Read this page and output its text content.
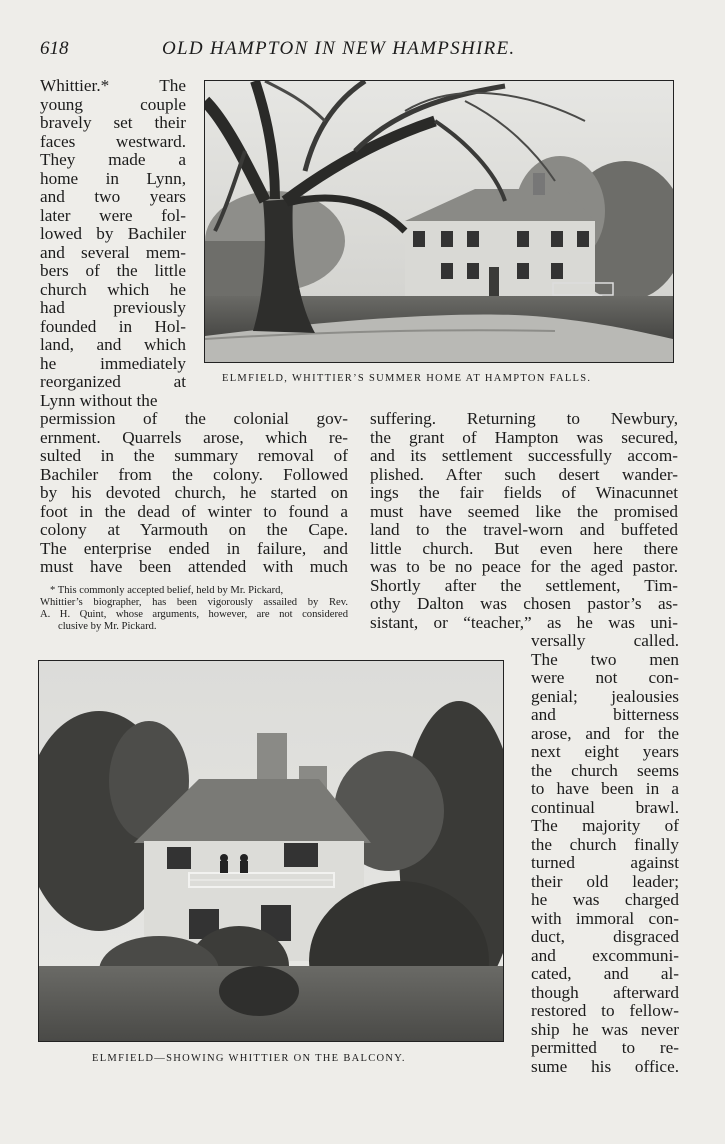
618	OLD HAMPTON IN NEW HAMPSHIRE.
ELMFIELD, WHITTIER’S SUMMER HOME AT HAMPTON FALLS.
Whittier.* The
young couple
bravely set their
faces westward.
They made a
home in Lynn,
and two years
later were fol-
lowed by Bachiler
and several mem-
bers of the little
church which he
had previously
founded in Hol-
land, and which
he immediately
reorganized at
Lynn without the
permission of the colonial gov-
ernment. Quarrels arose, which re-
sulted in the summary removal of
Bachiler from the colony. Followed
by his devoted church, he started on
foot in the dead of winter to found a
colony at Yarmouth on the Cape.
The enterprise ended in failure, and
must have been attended with much
* This commonly accepted belief, held by Mr. Pickard,
Whittier’s biographer, has been vigorously assailed by Rev.
A. H. Quint, whose arguments, however, are not considered
clusive by Mr. Pickard.
suffering. Returning to Newbury,
the grant of Hampton was secured,
and its settlement successfully accom-
plished. After such desert wander-
ings the fair fields of Winacunnet
must have seemed like the promised
land to the travel-worn and buffeted
little church. But even here there
was to be no peace for the aged pastor.
Shortly after the settlement, Tim-
othy Dalton was chosen pastor’s as-
sistant, or “teacher,” as he was uni-
ELMFIELD—SHOWING WHITTIER ON THE BALCONY.
versally called.
The two men
were not con-
genial; jealousies
and bitterness
arose, and for the
next eight years
the church seems
to have been in a
continual brawl.
The majority of
the church finally
turned against
their old leader;
he was charged
with immoral con-
duct, disgraced
and excommuni-
cated, and al-
though afterward
restored to fellow-
ship he was never
permitted to re-
sume his office.
